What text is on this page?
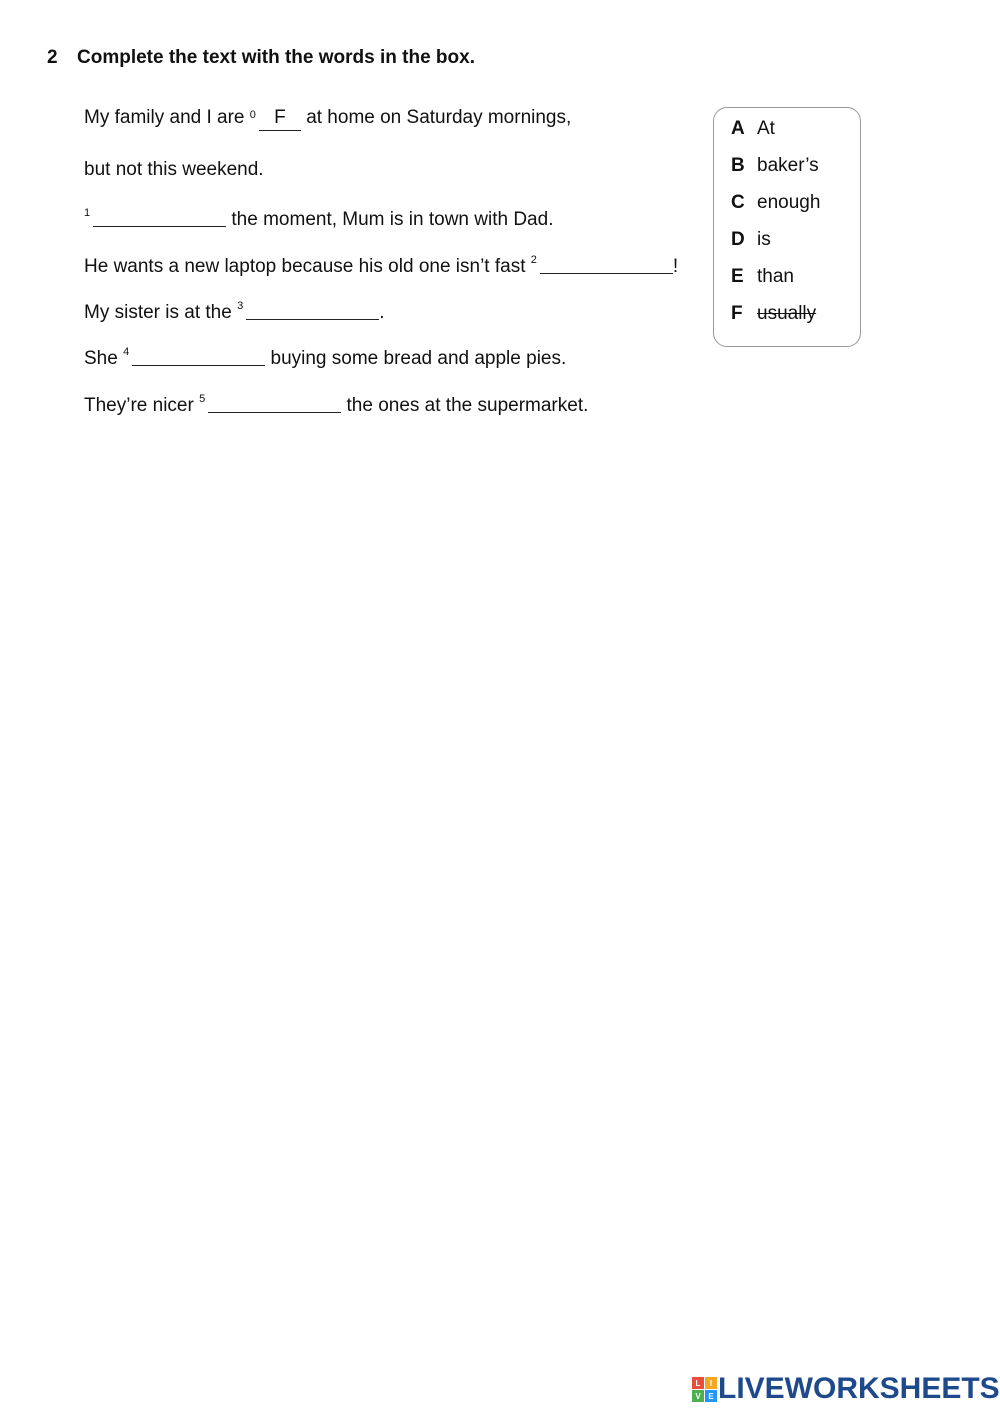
2 Complete the text with the words in the box.
My family and I are $^0$ F at home on Saturday mornings,
but not this weekend.
$^1$	the moment, Mum is in town with Dad.
He wants a new laptop because his old one isn’t fast $^2$	!
My sister is at the $^3$	.
She $^4$	buying some bread and apple pies.
They’re nicer $^5$	the ones at the supermarket.
A At
B baker’s
C enough
D is
E than
F usually
L	I
V E LIVEWORKSHEETS
